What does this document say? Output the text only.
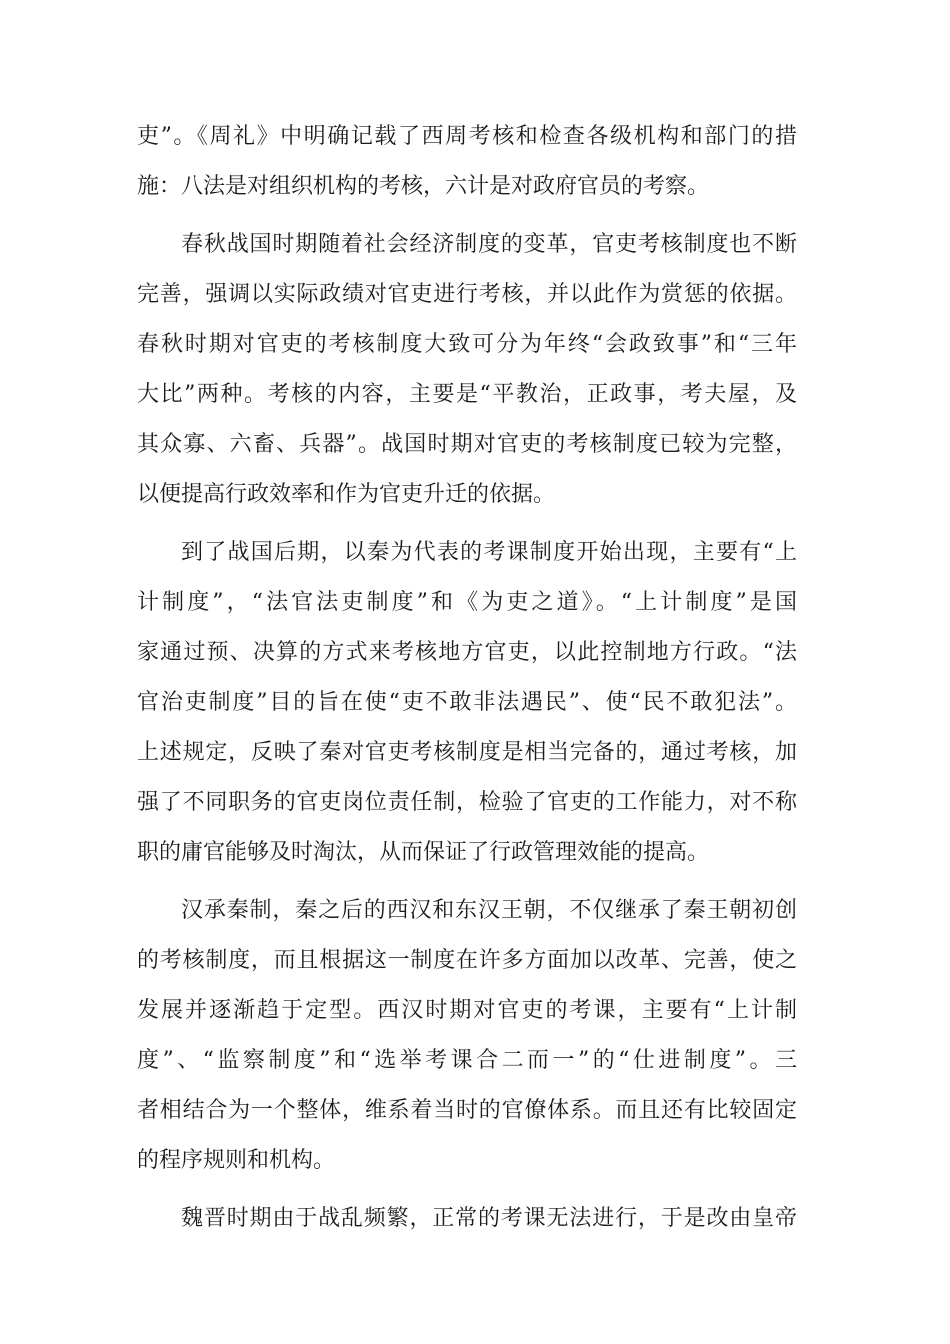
吏”。《周礼》中明确记载了西周考核和检查各级机构和部门的措
施：八法是对组织机构的考核，六计是对政府官员的考察。
春秋战国时期随着社会经济制度的变革，官吏考核制度也不断
完善，强调以实际政绩对官吏进行考核，并以此作为赏惩的依据。
春秋时期对官吏的考核制度大致可分为年终“会政致事”和“三年
大比”两种。考核的内容，主要是“平教治，正政事，考夫屋，及
其众寡、六畜、兵器”。战国时期对官吏的考核制度已较为完整，
以便提高行政效率和作为官吏升迁的依据。
到了战国后期，以秦为代表的考课制度开始出现，主要有“上
计制度”，“法官法吏制度”和《为吏之道》。“上计制度”是国
家通过预、决算的方式来考核地方官吏，以此控制地方行政。“法
官治吏制度”目的旨在使“吏不敢非法遇民”、使“民不敢犯法”。
上述规定，反映了秦对官吏考核制度是相当完备的，通过考核，加
强了不同职务的官吏岗位责任制，检验了官吏的工作能力，对不称
职的庸官能够及时淘汰，从而保证了行政管理效能的提高。
汉承秦制，秦之后的西汉和东汉王朝，不仅继承了秦王朝初创
的考核制度，而且根据这一制度在许多方面加以改革、完善，使之
发展并逐渐趋于定型。西汉时期对官吏的考课，主要有“上计制
度”、“监察制度”和“选举考课合二而一”的“仕进制度”。三
者相结合为一个整体，维系着当时的官僚体系。而且还有比较固定
的程序规则和机构。
魏晋时期由于战乱频繁，正常的考课无法进行，于是改由皇帝
